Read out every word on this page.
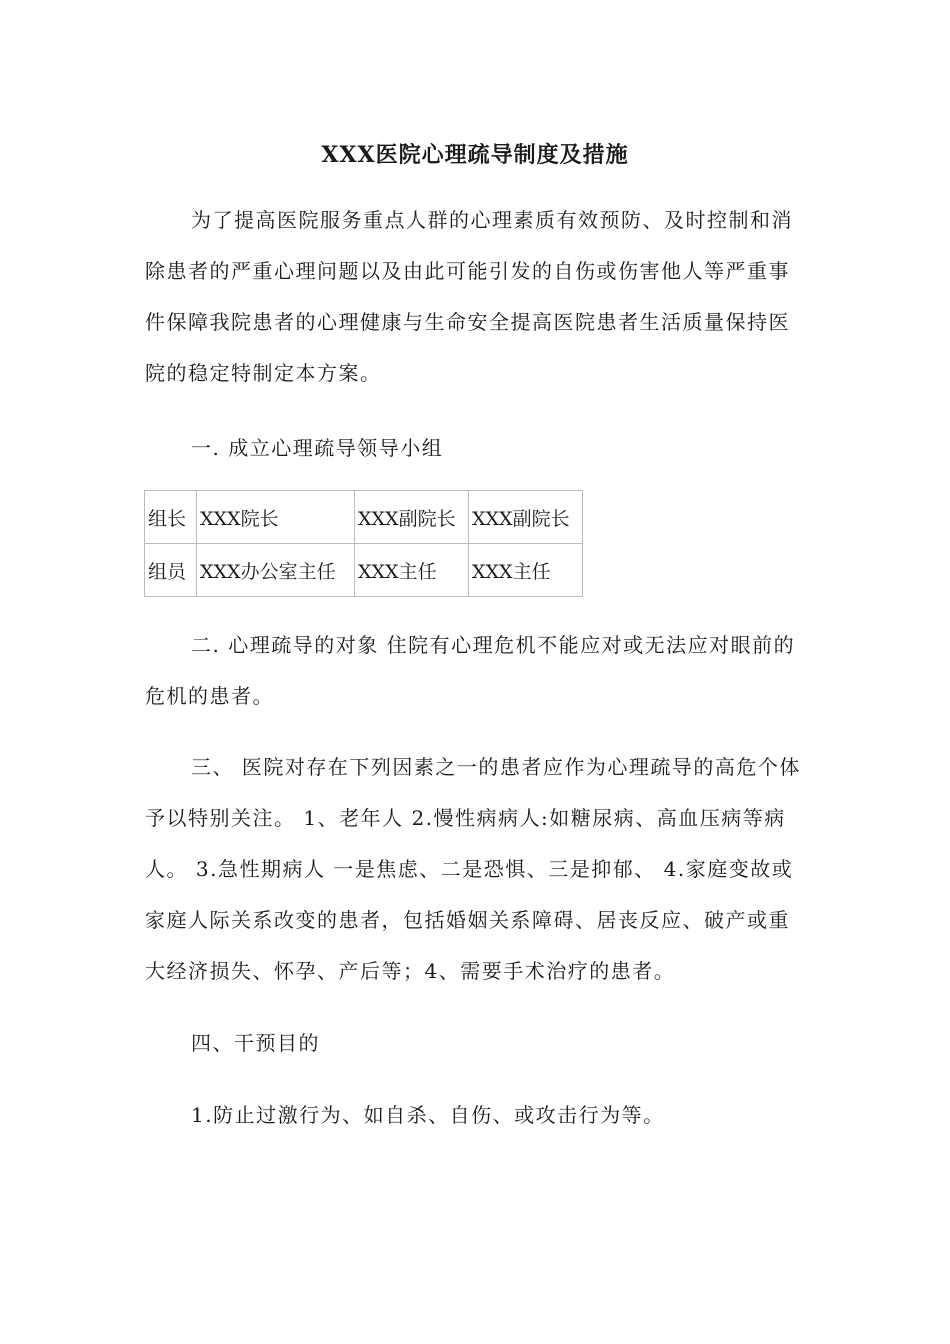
XXX医院心理疏导制度及措施

为了提高医院服务重点人群的心理素质有效预防、及时控制和消除患者的严重心理问题以及由此可能引发的自伤或伤害他人等严重事件保障我院患者的心理健康与生命安全提高医院患者生活质量保持医院的稳定特制定本方案。

一. 成立心理疏导领导小组

组长	XXX院长	XXX副院长	XXX副院长
组员	XXX办公室主任	XXX主任	XXX主任

二. 心理疏导的对象 住院有心理危机不能应对或无法应对眼前的危机的患者。

三、 医院对存在下列因素之一的患者应作为心理疏导的高危个体予以特别关注。 1、老年人 2.慢性病病人:如糖尿病、高血压病等病人。 3.急性期病人 一是焦虑、二是恐惧、三是抑郁、 4.家庭变故或家庭人际关系改变的患者，包括婚姻关系障碍、居丧反应、破产或重大经济损失、怀孕、产后等；4、需要手术治疗的患者。

四、干预目的

1.防止过激行为、如自杀、自伤、或攻击行为等。
